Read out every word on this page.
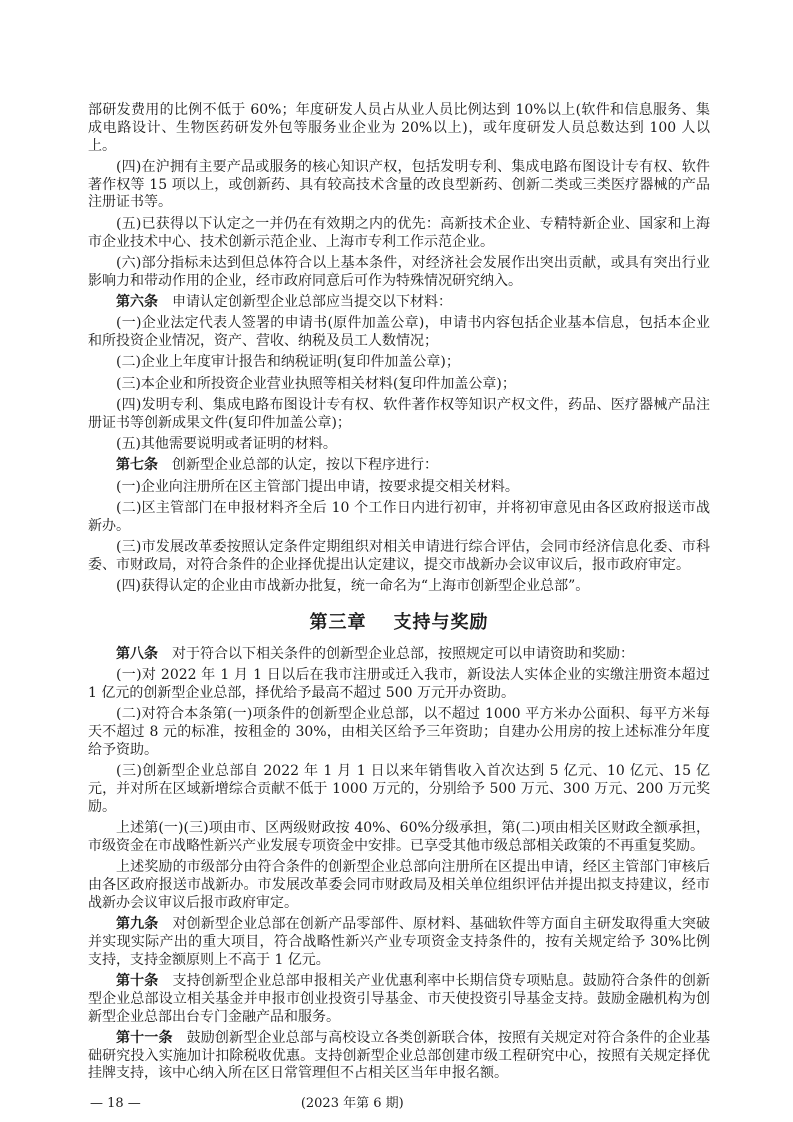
部研发费用的比例不低于 60%；年度研发人员占从业人员比例达到 10%以上(软件和信息服务、集成电路设计、生物医药研发外包等服务业企业为 20%以上)，或年度研发人员总数达到 100 人以上。

(四)在沪拥有主要产品或服务的核心知识产权，包括发明专利、集成电路布图设计专有权、软件著作权等 15 项以上，或创新药、具有较高技术含量的改良型新药、创新二类或三类医疗器械的产品注册证书等。

(五)已获得以下认定之一并仍在有效期之内的优先：高新技术企业、专精特新企业、国家和上海市企业技术中心、技术创新示范企业、上海市专利工作示范企业。

(六)部分指标未达到但总体符合以上基本条件，对经济社会发展作出突出贡献，或具有突出行业影响力和带动作用的企业，经市政府同意后可作为特殊情况研究纳入。

第六条 申请认定创新型企业总部应当提交以下材料：

(一)企业法定代表人签署的申请书(原件加盖公章)，申请书内容包括企业基本信息，包括本企业和所投资企业情况，资产、营收、纳税及员工人数情况；

(二)企业上年度审计报告和纳税证明(复印件加盖公章)；

(三)本企业和所投资企业营业执照等相关材料(复印件加盖公章)；

(四)发明专利、集成电路布图设计专有权、软件著作权等知识产权文件，药品、医疗器械产品注册证书等创新成果文件(复印件加盖公章)；

(五)其他需要说明或者证明的材料。

第七条 创新型企业总部的认定，按以下程序进行：

(一)企业向注册所在区主管部门提出申请，按要求提交相关材料。

(二)区主管部门在申报材料齐全后 10 个工作日内进行初审，并将初审意见由各区政府报送市战新办。

(三)市发展改革委按照认定条件定期组织对相关申请进行综合评估，会同市经济信息化委、市科委、市财政局，对符合条件的企业择优提出认定建议，提交市战新办会议审议后，报市政府审定。

(四)获得认定的企业由市战新办批复，统一命名为“上海市创新型企业总部”。

第三章 支持与奖励

第八条 对于符合以下相关条件的创新型企业总部，按照规定可以申请资助和奖励：

(一)对 2022 年 1 月 1 日以后在我市注册或迁入我市，新设法人实体企业的实缴注册资本超过 1 亿元的创新型企业总部，择优给予最高不超过 500 万元开办资助。

(二)对符合本条第(一)项条件的创新型企业总部，以不超过 1000 平方米办公面积、每平方米每天不超过 8 元的标准，按租金的 30%，由相关区给予三年资助；自建办公用房的按上述标准分年度给予资助。

(三)创新型企业总部自 2022 年 1 月 1 日以来年销售收入首次达到 5 亿元、10 亿元、15 亿元，并对所在区域新增综合贡献不低于 1000 万元的，分别给予 500 万元、300 万元、200 万元奖励。

上述第(一)(三)项由市、区两级财政按 40%、60%分级承担，第(二)项由相关区财政全额承担，市级资金在市战略性新兴产业发展专项资金中安排。已享受其他市级总部相关政策的不再重复奖励。

上述奖励的市级部分由符合条件的创新型企业总部向注册所在区提出申请，经区主管部门审核后由各区政府报送市战新办。市发展改革委会同市财政局及相关单位组织评估并提出拟支持建议，经市战新办会议审议后报市政府审定。

第九条 对创新型企业总部在创新产品零部件、原材料、基础软件等方面自主研发取得重大突破并实现实际产出的重大项目，符合战略性新兴产业专项资金支持条件的，按有关规定给予 30%比例支持，支持金额原则上不高于 1 亿元。

第十条 支持创新型企业总部申报相关产业优惠利率中长期信贷专项贴息。鼓励符合条件的创新型企业总部设立相关基金并申报市创业投资引导基金、市天使投资引导基金支持。鼓励金融机构为创新型企业总部出台专门金融产品和服务。

第十一条 鼓励创新型企业总部与高校设立各类创新联合体，按照有关规定对符合条件的企业基础研究投入实施加计扣除税收优惠。支持创新型企业总部创建市级工程研究中心，按照有关规定择优挂牌支持，该中心纳入所在区日常管理但不占相关区当年申报名额。

— 18 —	(2023 年第 6 期)
